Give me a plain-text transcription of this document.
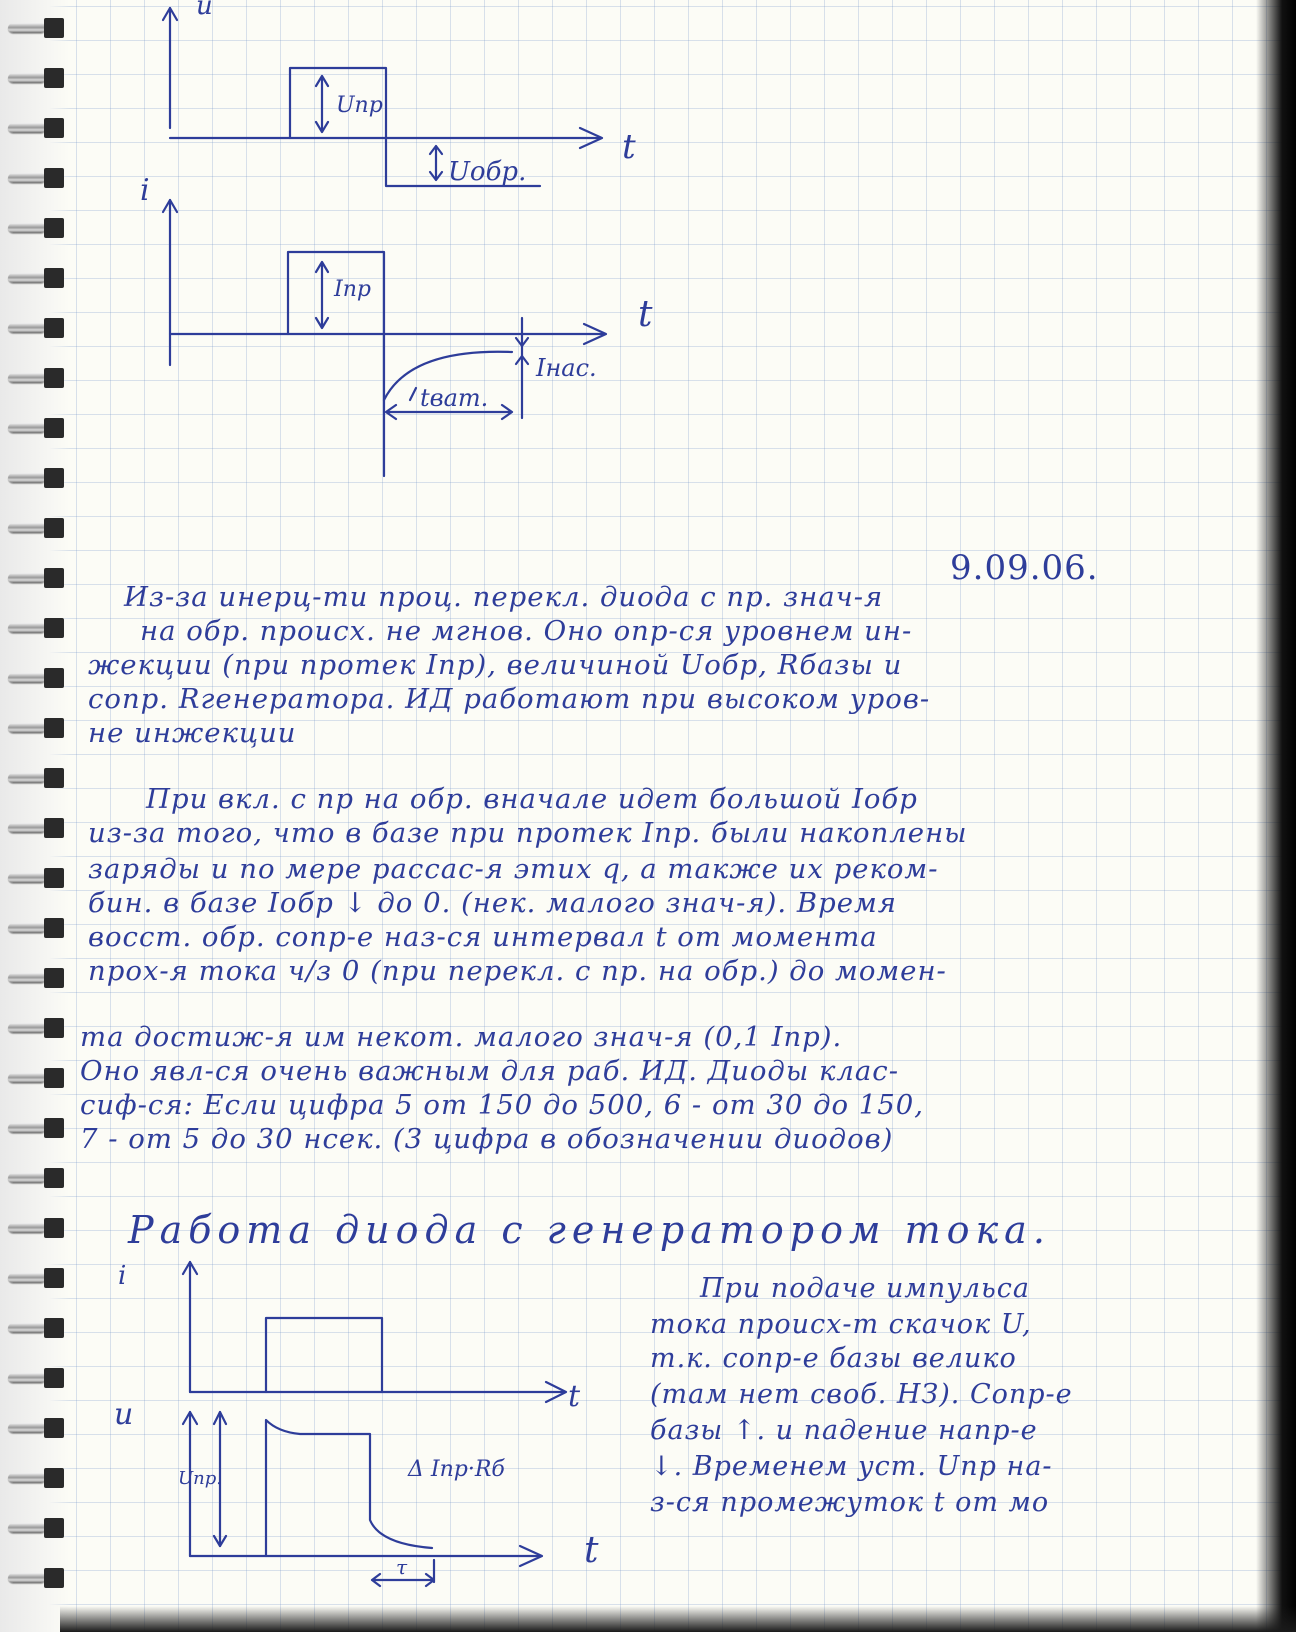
u
t
Uпр
Uобр.
i
t
Iпр
Iнас.
tват.
i
t
u
Uпр.
t
Δ Iпр·Rб
τ
9.09.06.
Из-за инерц-ти проц. перекл. диода с пр. знач-я
на обр. происх. не мгнов. Оно опр-ся уровнем ин-
жекции (при протек Iпр), величиной Uобр, Rбазы и
сопр. Rгенератора. ИД работают при высоком уров-
не инжекции
При вкл. с пр на обр. вначале идет большой Iобр
из-за того, что в базе при протек Iпр. были накоплены
заряды и по мере рассас-я этих q, а также их реком-
бин. в базе Iобр ↓ до 0. (нек. малого знач-я). Время
восст. обр. сопр-е наз-ся интервал t от момента
прох-я тока ч/з 0 (при перекл. с пр. на обр.) до момен-
та достиж-я им некот. малого знач-я (0,1 Iпр).
Оно явл-ся очень важным для раб. ИД. Диоды клас-
сиф-ся: Если цифра 5 от 150 до 500, 6 - от 30 до 150,
7 - от 5 до 30 нсек. (3 цифра в обозначении диодов)
Работа диода с генератором тока.
При подаче импульса
тока происх-т скачок U,
т.к. сопр-е базы велико
(там нет своб. НЗ). Сопр-е
базы ↑. и падение напр-е
↓. Временем уст. Uпр на-
з-ся промежуток t от мо
